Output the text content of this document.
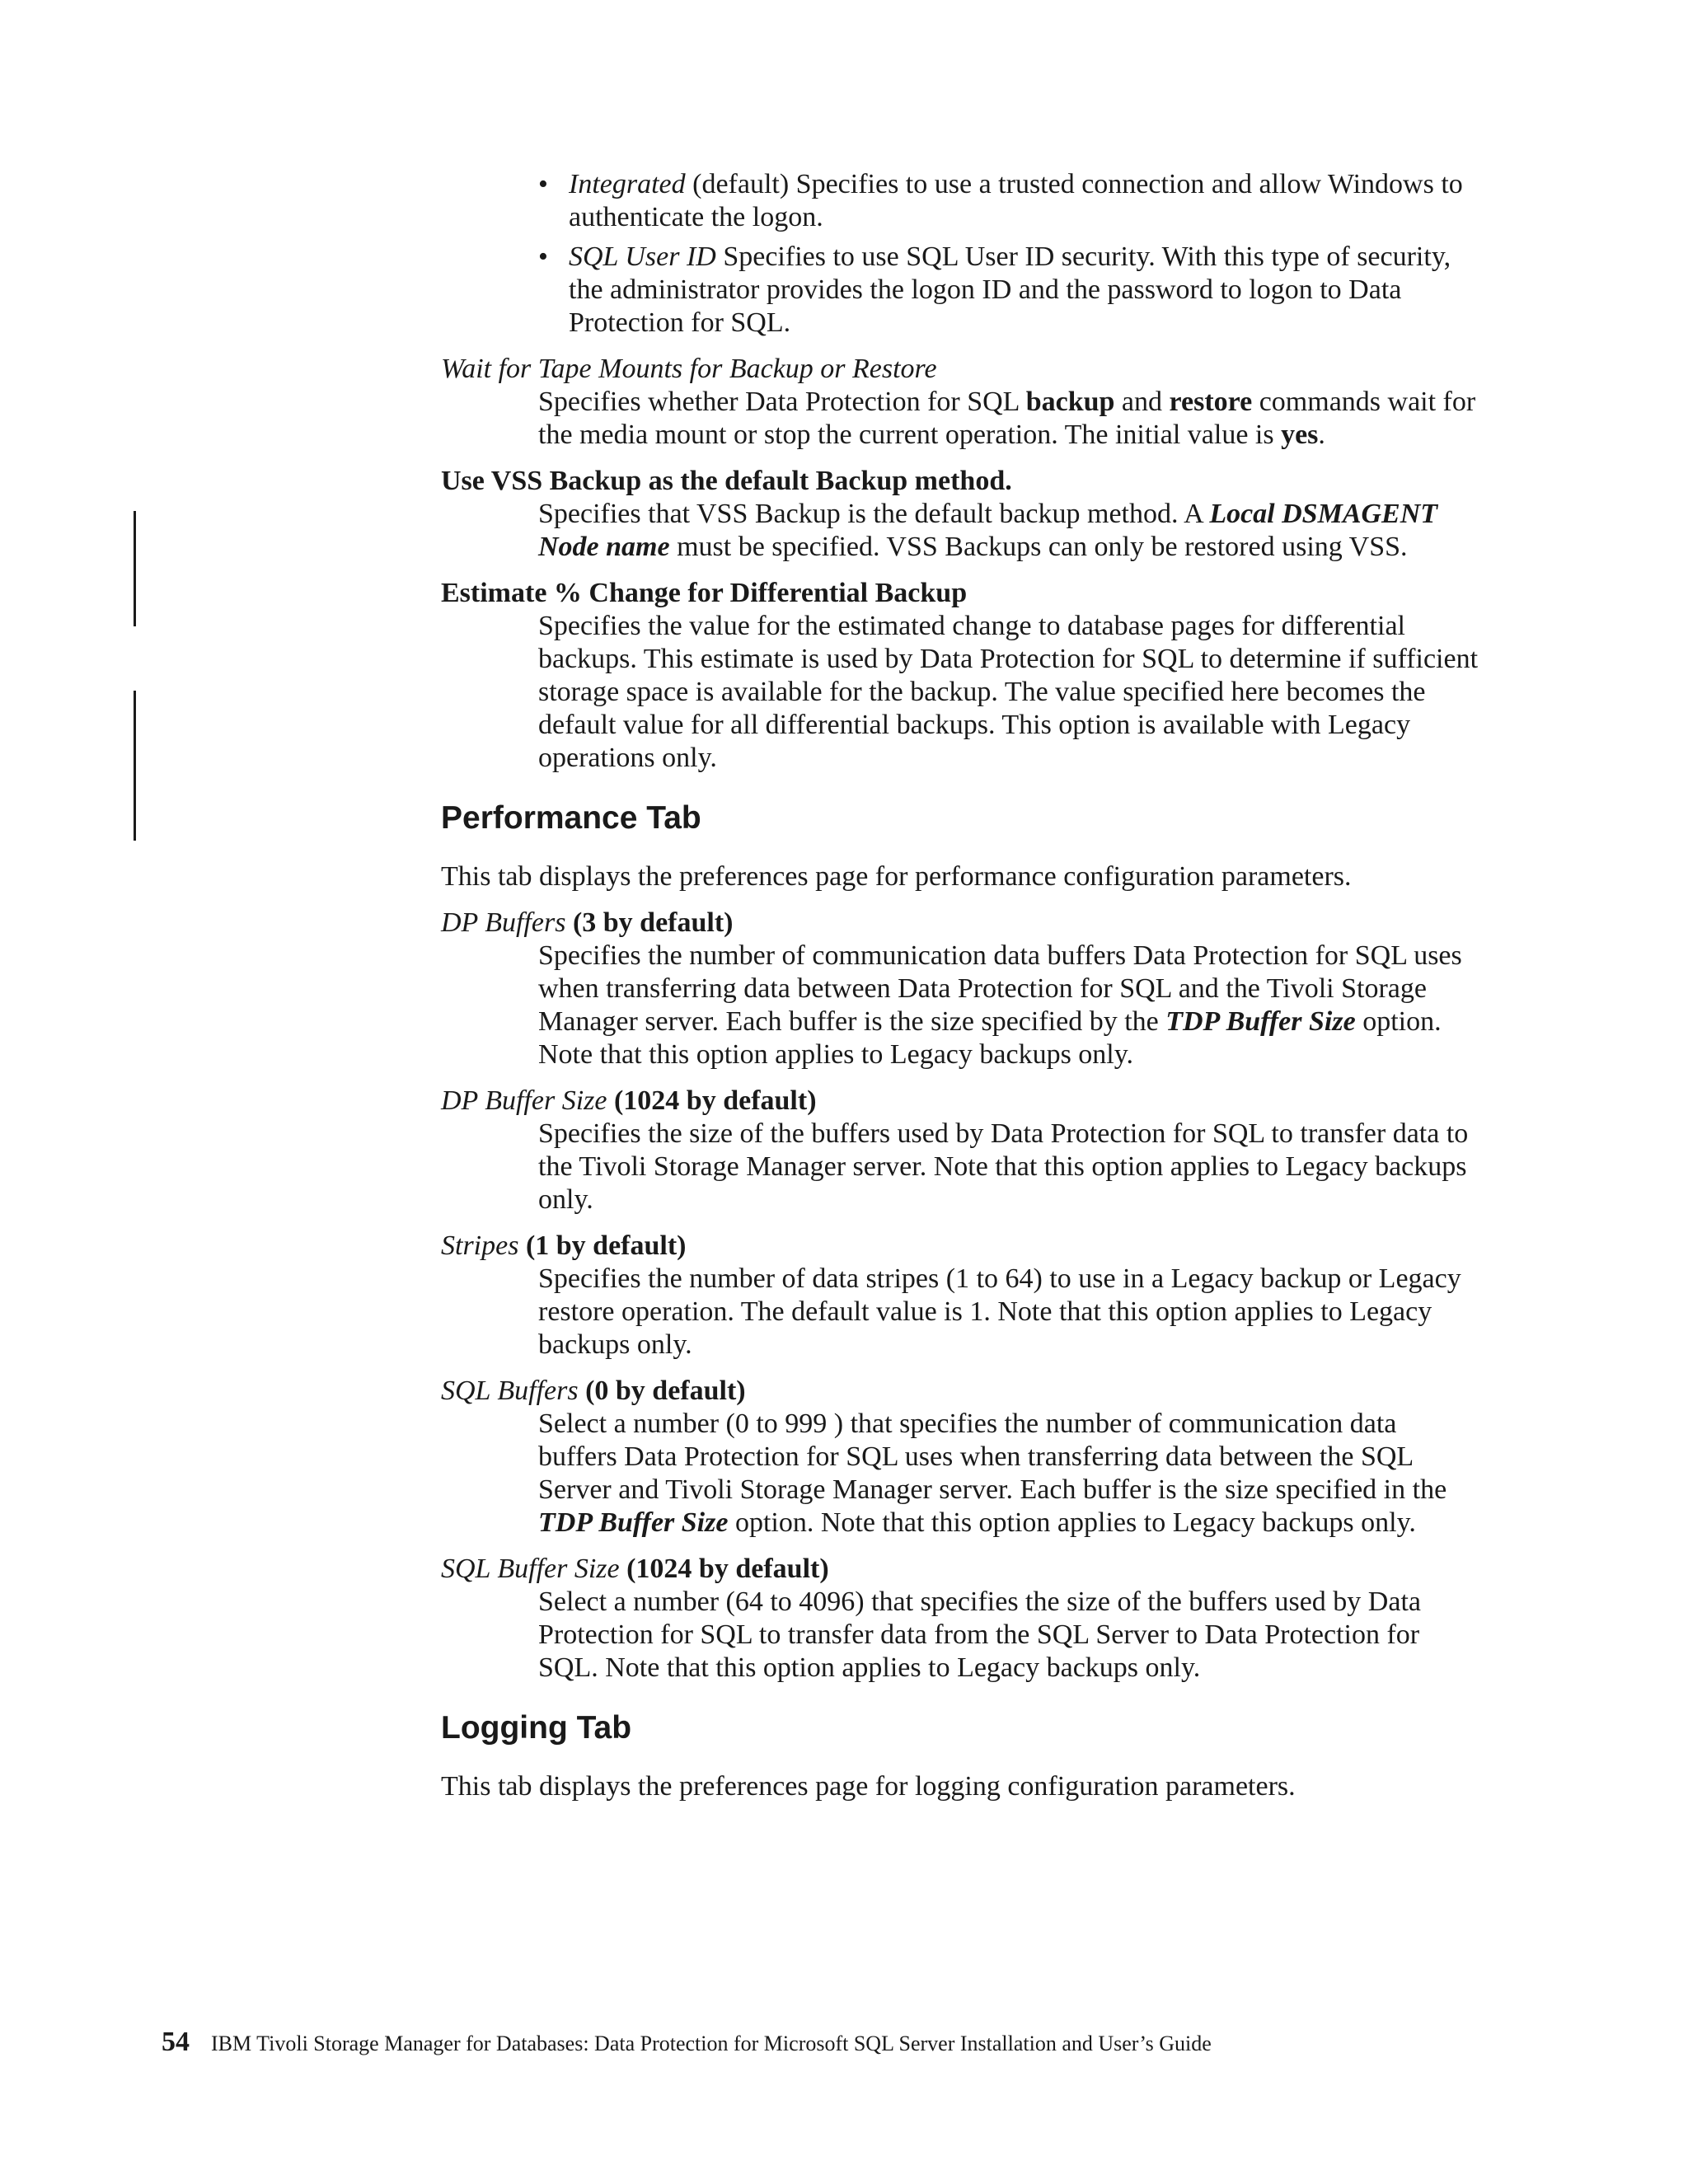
• Integrated (default) Specifies to use a trusted connection and allow Windows to authenticate the logon.
• SQL User ID Specifies to use SQL User ID security. With this type of security, the administrator provides the logon ID and the password to logon to Data Protection for SQL.
Wait for Tape Mounts for Backup or Restore
Specifies whether Data Protection for SQL backup and restore commands wait for the media mount or stop the current operation. The initial value is yes.
Use VSS Backup as the default Backup method.
Specifies that VSS Backup is the default backup method. A Local DSMAGENT Node name must be specified. VSS Backups can only be restored using VSS.
Estimate % Change for Differential Backup
Specifies the value for the estimated change to database pages for differential backups. This estimate is used by Data Protection for SQL to determine if sufficient storage space is available for the backup. The value specified here becomes the default value for all differential backups. This option is available with Legacy operations only.
Performance Tab
This tab displays the preferences page for performance configuration parameters.
DP Buffers (3 by default)
Specifies the number of communication data buffers Data Protection for SQL uses when transferring data between Data Protection for SQL and the Tivoli Storage Manager server. Each buffer is the size specified by the TDP Buffer Size option. Note that this option applies to Legacy backups only.
DP Buffer Size (1024 by default)
Specifies the size of the buffers used by Data Protection for SQL to transfer data to the Tivoli Storage Manager server. Note that this option applies to Legacy backups only.
Stripes (1 by default)
Specifies the number of data stripes (1 to 64) to use in a Legacy backup or Legacy restore operation. The default value is 1. Note that this option applies to Legacy backups only.
SQL Buffers (0 by default)
Select a number (0 to 999 ) that specifies the number of communication data buffers Data Protection for SQL uses when transferring data between the SQL Server and Tivoli Storage Manager server. Each buffer is the size specified in the TDP Buffer Size option. Note that this option applies to Legacy backups only.
SQL Buffer Size (1024 by default)
Select a number (64 to 4096) that specifies the size of the buffers used by Data Protection for SQL to transfer data from the SQL Server to Data Protection for SQL. Note that this option applies to Legacy backups only.
Logging Tab
This tab displays the preferences page for logging configuration parameters.
54 IBM Tivoli Storage Manager for Databases: Data Protection for Microsoft SQL Server Installation and User’s Guide
